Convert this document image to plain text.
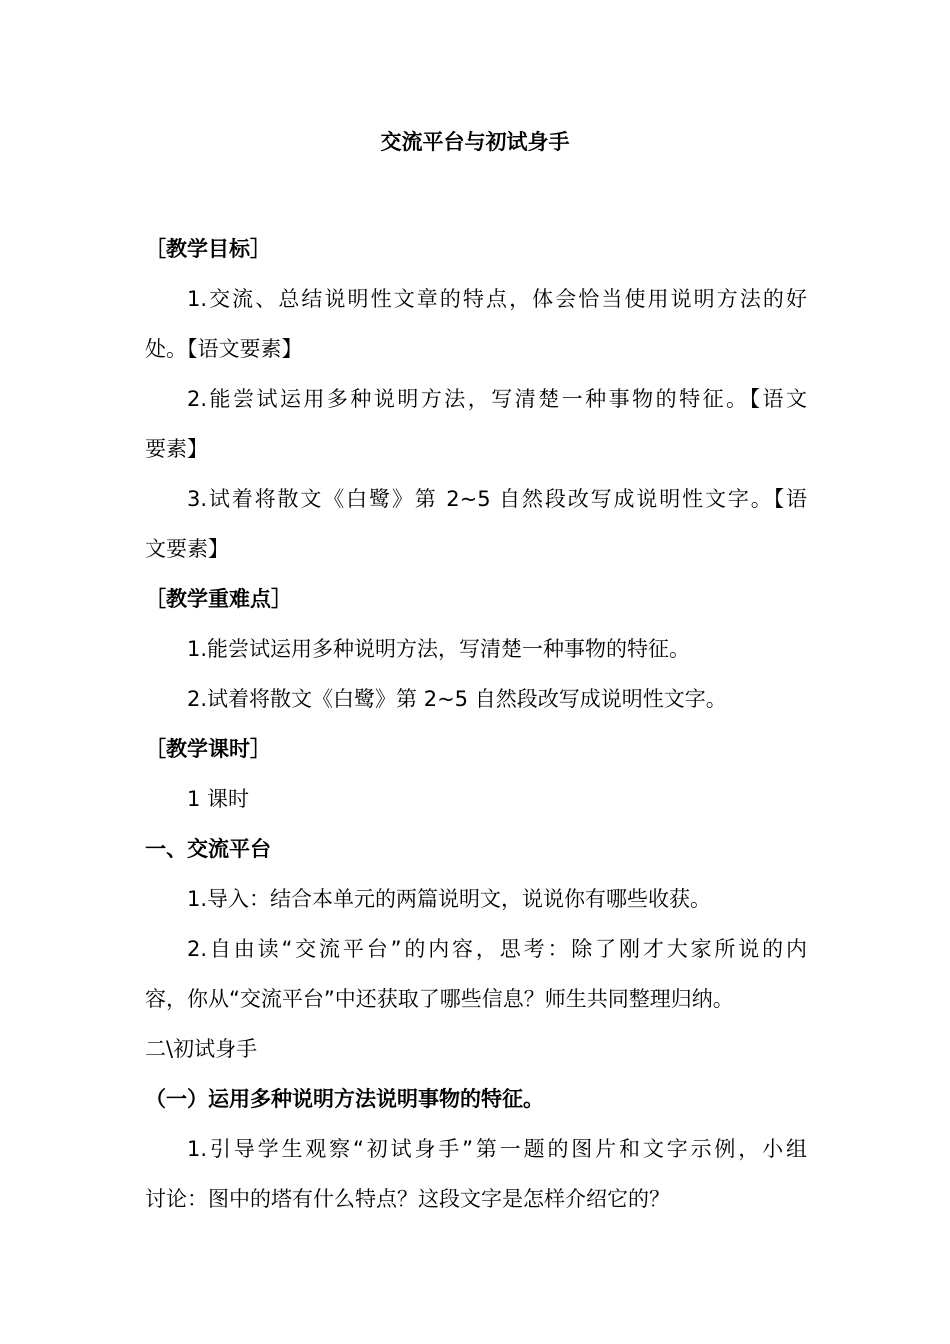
交流平台与初试身手

［教学目标］

1.交流、总结说明性文章的特点，体会恰当使用说明方法的好

处。【语文要素】

2.能尝试运用多种说明方法，写清楚一种事物的特征。【语文

要素】

3.试着将散文《白鹭》第 2~5 自然段改写成说明性文字。【语

文要素】

［教学重难点］

1.能尝试运用多种说明方法，写清楚一种事物的特征。

2.试着将散文《白鹭》第 2~5 自然段改写成说明性文字。

［教学课时］

1 课时

一、交流平台

1.导入：结合本单元的两篇说明文，说说你有哪些收获。

2.自由读“交流平台”的内容，思考：除了刚才大家所说的内

容，你从“交流平台”中还获取了哪些信息？师生共同整理归纳。

二\初试身手

（一）运用多种说明方法说明事物的特征。

1.引导学生观察“初试身手”第一题的图片和文字示例，小组

讨论：图中的塔有什么特点？这段文字是怎样介绍它的？
